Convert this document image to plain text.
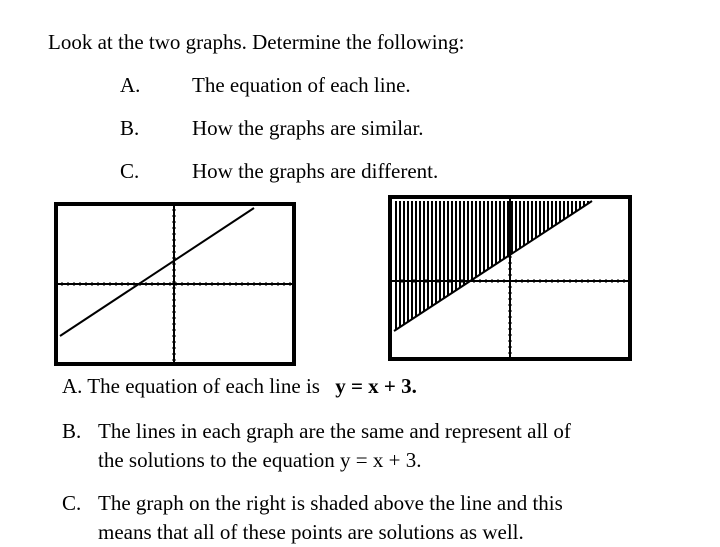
Look at the two graphs. Determine the following:
A. The equation of each line.
B.	How the graphs are similar.
C.	How the graphs are different.
A. The equation of each line is y = x + 3.
B. The lines in each graph are the same and represent all of
the solutions to the equation y = x + 3.
C. The graph on the right is shaded above the line and this
means that all of these points are solutions as well.
